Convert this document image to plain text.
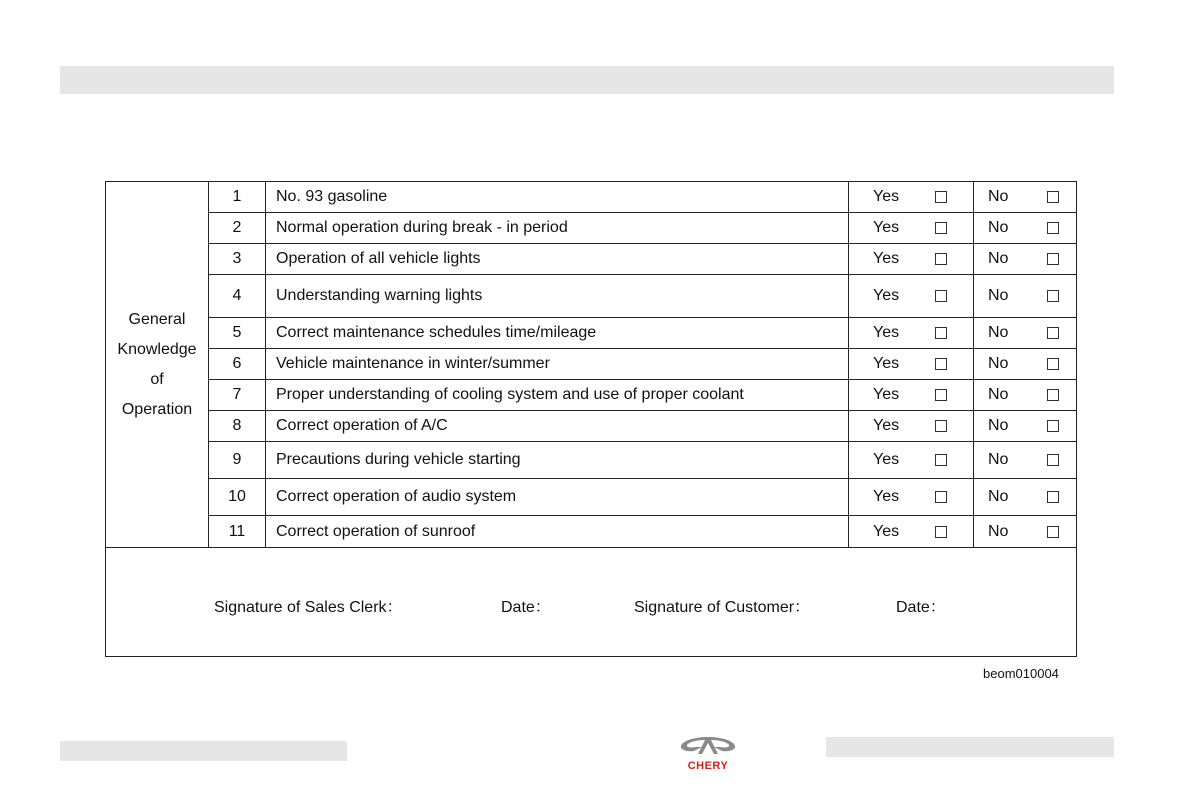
General
Knowledge
of
Operation	1	No. 93 gasoline	Yes	No

	2	Normal operation during break - in period	Yes	No

	3	Operation of all vehicle lights	Yes	No

	4	Understanding warning lights	Yes	No

	5	Correct maintenance schedules time/mileage	Yes	No

	6	Vehicle maintenance in winter/summer	Yes	No

	7	Proper understanding of cooling system and use of proper coolant	Yes	No

	8	Correct operation of A/C	Yes	No

	9	Precautions during vehicle starting	Yes	No

	10	Correct operation of audio system	Yes	No

	11	Correct operation of sunroof	Yes	No

Signature of Sales Clerk： Date： Signature of Customer： Date：				
beom010004
CHERY
